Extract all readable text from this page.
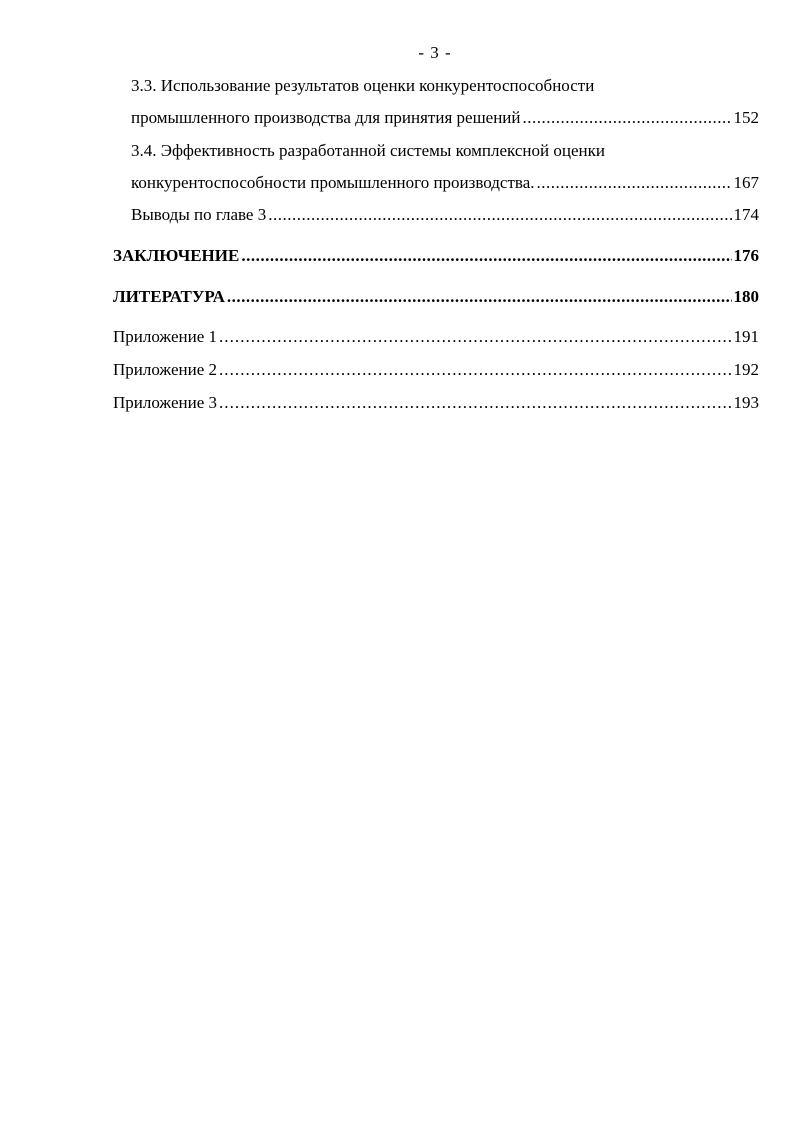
- 3 -
3.3. Использование результатов оценки конкурентоспособности
промышленного производства для принятия решений .....	152
3.4. Эффективность разработанной системы комплексной оценки
конкурентоспособности промышленного производства. .....	167
Выводы по главе 3 .....	174
ЗАКЛЮЧЕНИЕ .....	176
ЛИТЕРАТУРА .....	180
Приложение 1 . . .	191
Приложение 2 . . .	192
Приложение 3 . . .	193
